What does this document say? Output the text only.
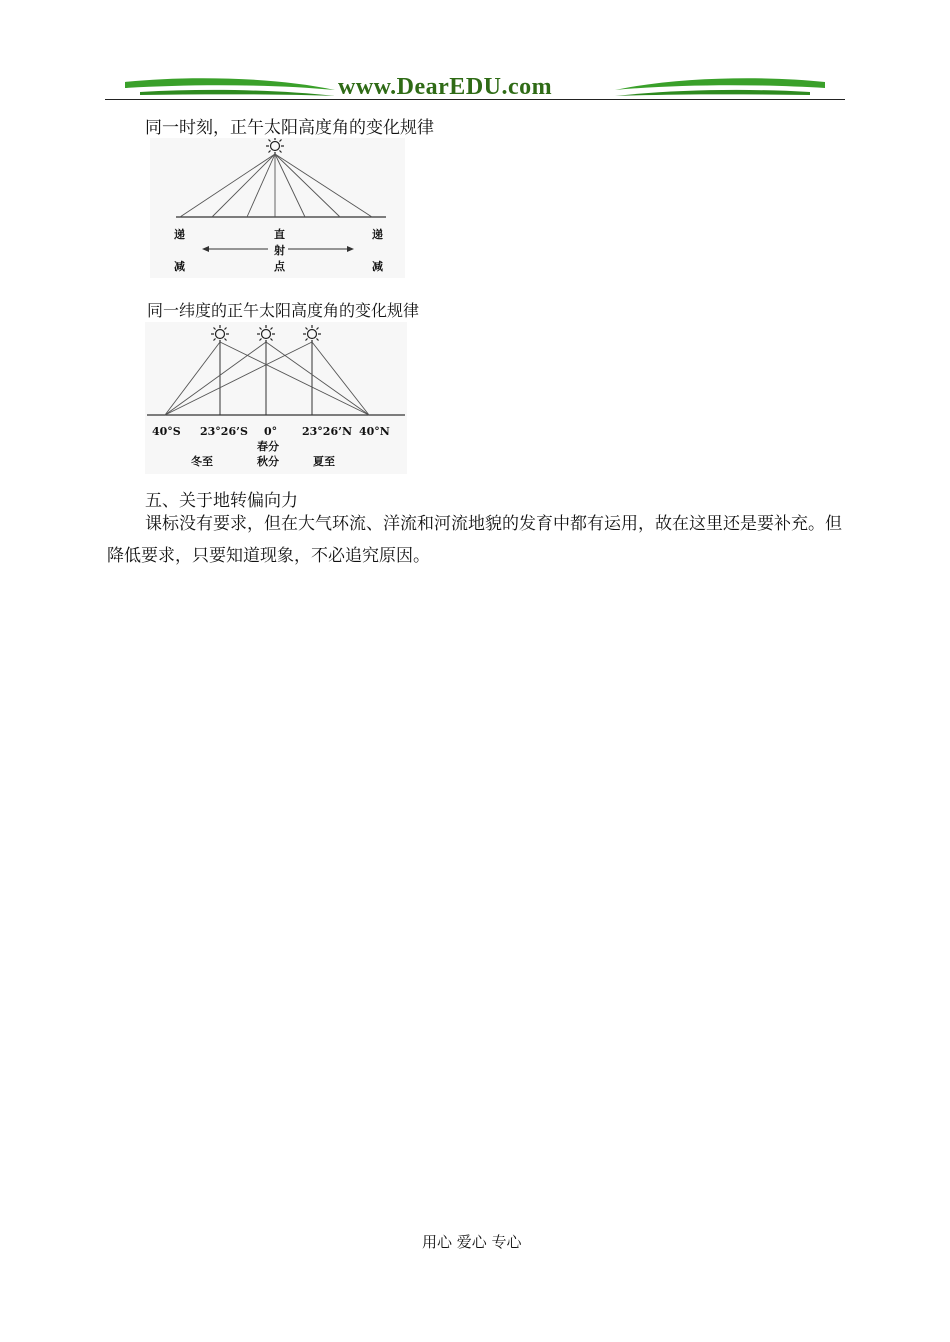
www.DearEDU.com
同一时刻，正午太阳高度角的变化规律
递
减
直
射
点
递
减
同一纬度的正午太阳高度角的变化规律
40°S 23°26’S 0° 23°26’N 40°N
春分
秋分
冬至	夏至
五、关于地转偏向力
课标没有要求，但在大气环流、洋流和河流地貌的发育中都有运用，故在这里还是要补充。但降低要求，只要知道现象，不必追究原因。
用心 爱心 专心
